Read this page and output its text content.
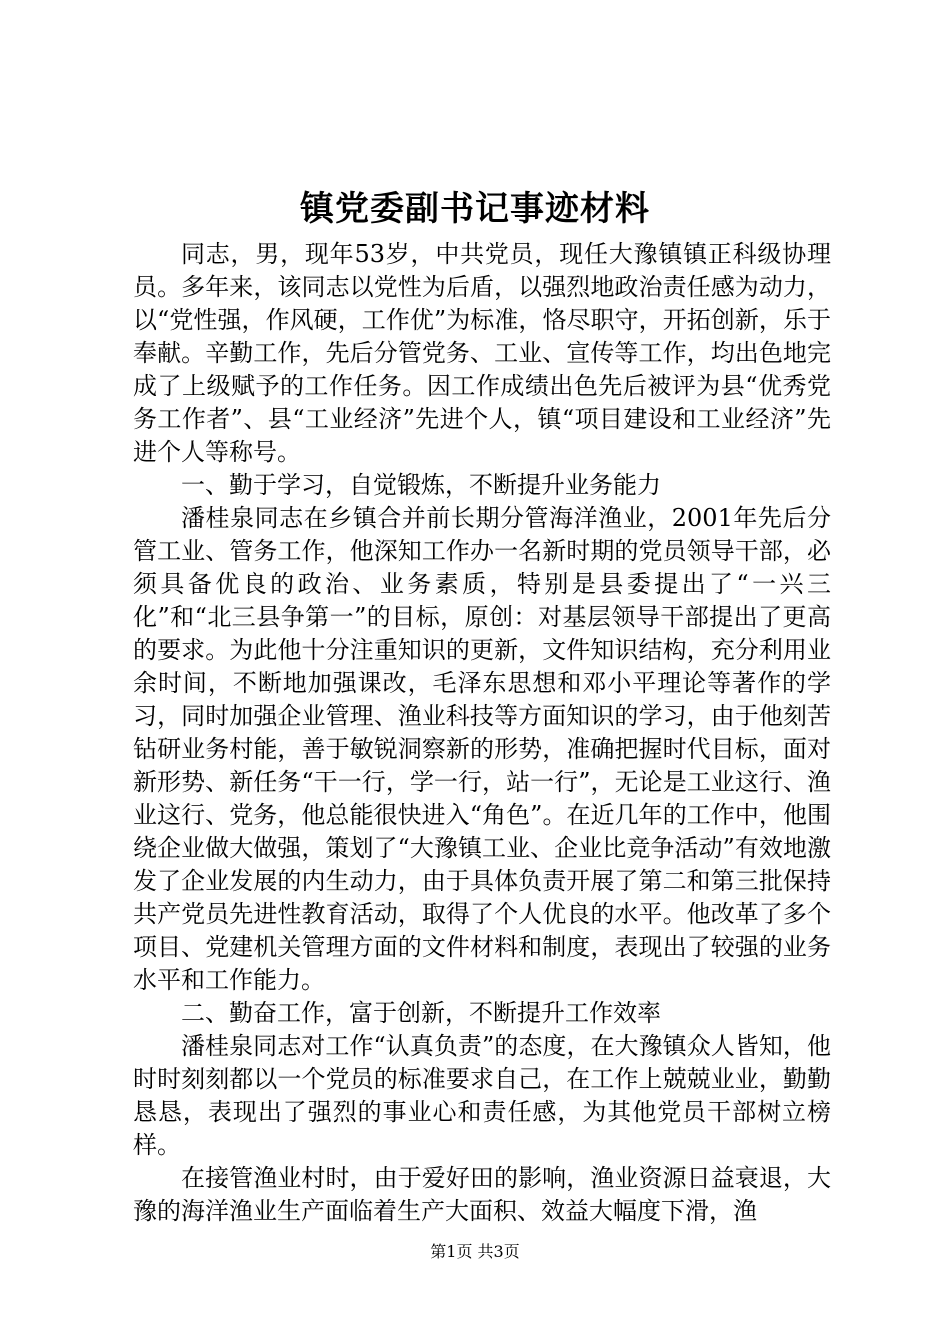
镇党委副书记事迹材料

同志，男，现年53岁，中共党员，现任大豫镇镇正科级协理员。多年来，该同志以党性为后盾，以强烈地政治责任感为动力，以“党性强，作风硬，工作优”为标准，恪尽职守，开拓创新，乐于奉献。辛勤工作，先后分管党务、工业、宣传等工作，均出色地完成了上级赋予的工作任务。因工作成绩出色先后被评为县“优秀党务工作者”、县“工业经济”先进个人，镇“项目建设和工业经济”先进个人等称号。

一、勤于学习，自觉锻炼，不断提升业务能力

潘桂泉同志在乡镇合并前长期分管海洋渔业，2001年先后分管工业、管务工作，他深知工作办一名新时期的党员领导干部，必须具备优良的政治、业务素质，特别是县委提出了“一兴三化”和“北三县争第一”的目标，原创：对基层领导干部提出了更高的要求。为此他十分注重知识的更新，文件知识结构，充分利用业余时间，不断地加强课改，毛泽东思想和邓小平理论等著作的学习，同时加强企业管理、渔业科技等方面知识的学习，由于他刻苦钻研业务村能，善于敏锐洞察新的形势，准确把握时代目标，面对新形势、新任务“干一行，学一行，站一行”，无论是工业这行、渔业这行、党务，他总能很快进入“角色”。在近几年的工作中，他围绕企业做大做强，策划了“大豫镇工业、企业比竞争活动”有效地激发了企业发展的内生动力，由于具体负责开展了第二和第三批保持共产党员先进性教育活动，取得了个人优良的水平。他改革了多个项目、党建机关管理方面的文件材料和制度，表现出了较强的业务水平和工作能力。

二、勤奋工作，富于创新，不断提升工作效率

潘桂泉同志对工作“认真负责”的态度，在大豫镇众人皆知，他时时刻刻都以一个党员的标准要求自己，在工作上兢兢业业，勤勤恳恳，表现出了强烈的事业心和责任感，为其他党员干部树立榜样。

在接管渔业村时，由于爱好田的影响，渔业资源日益衰退，大豫的海洋渔业生产面临着生产大面积、效益大幅度下滑，渔

第1页 共3页
